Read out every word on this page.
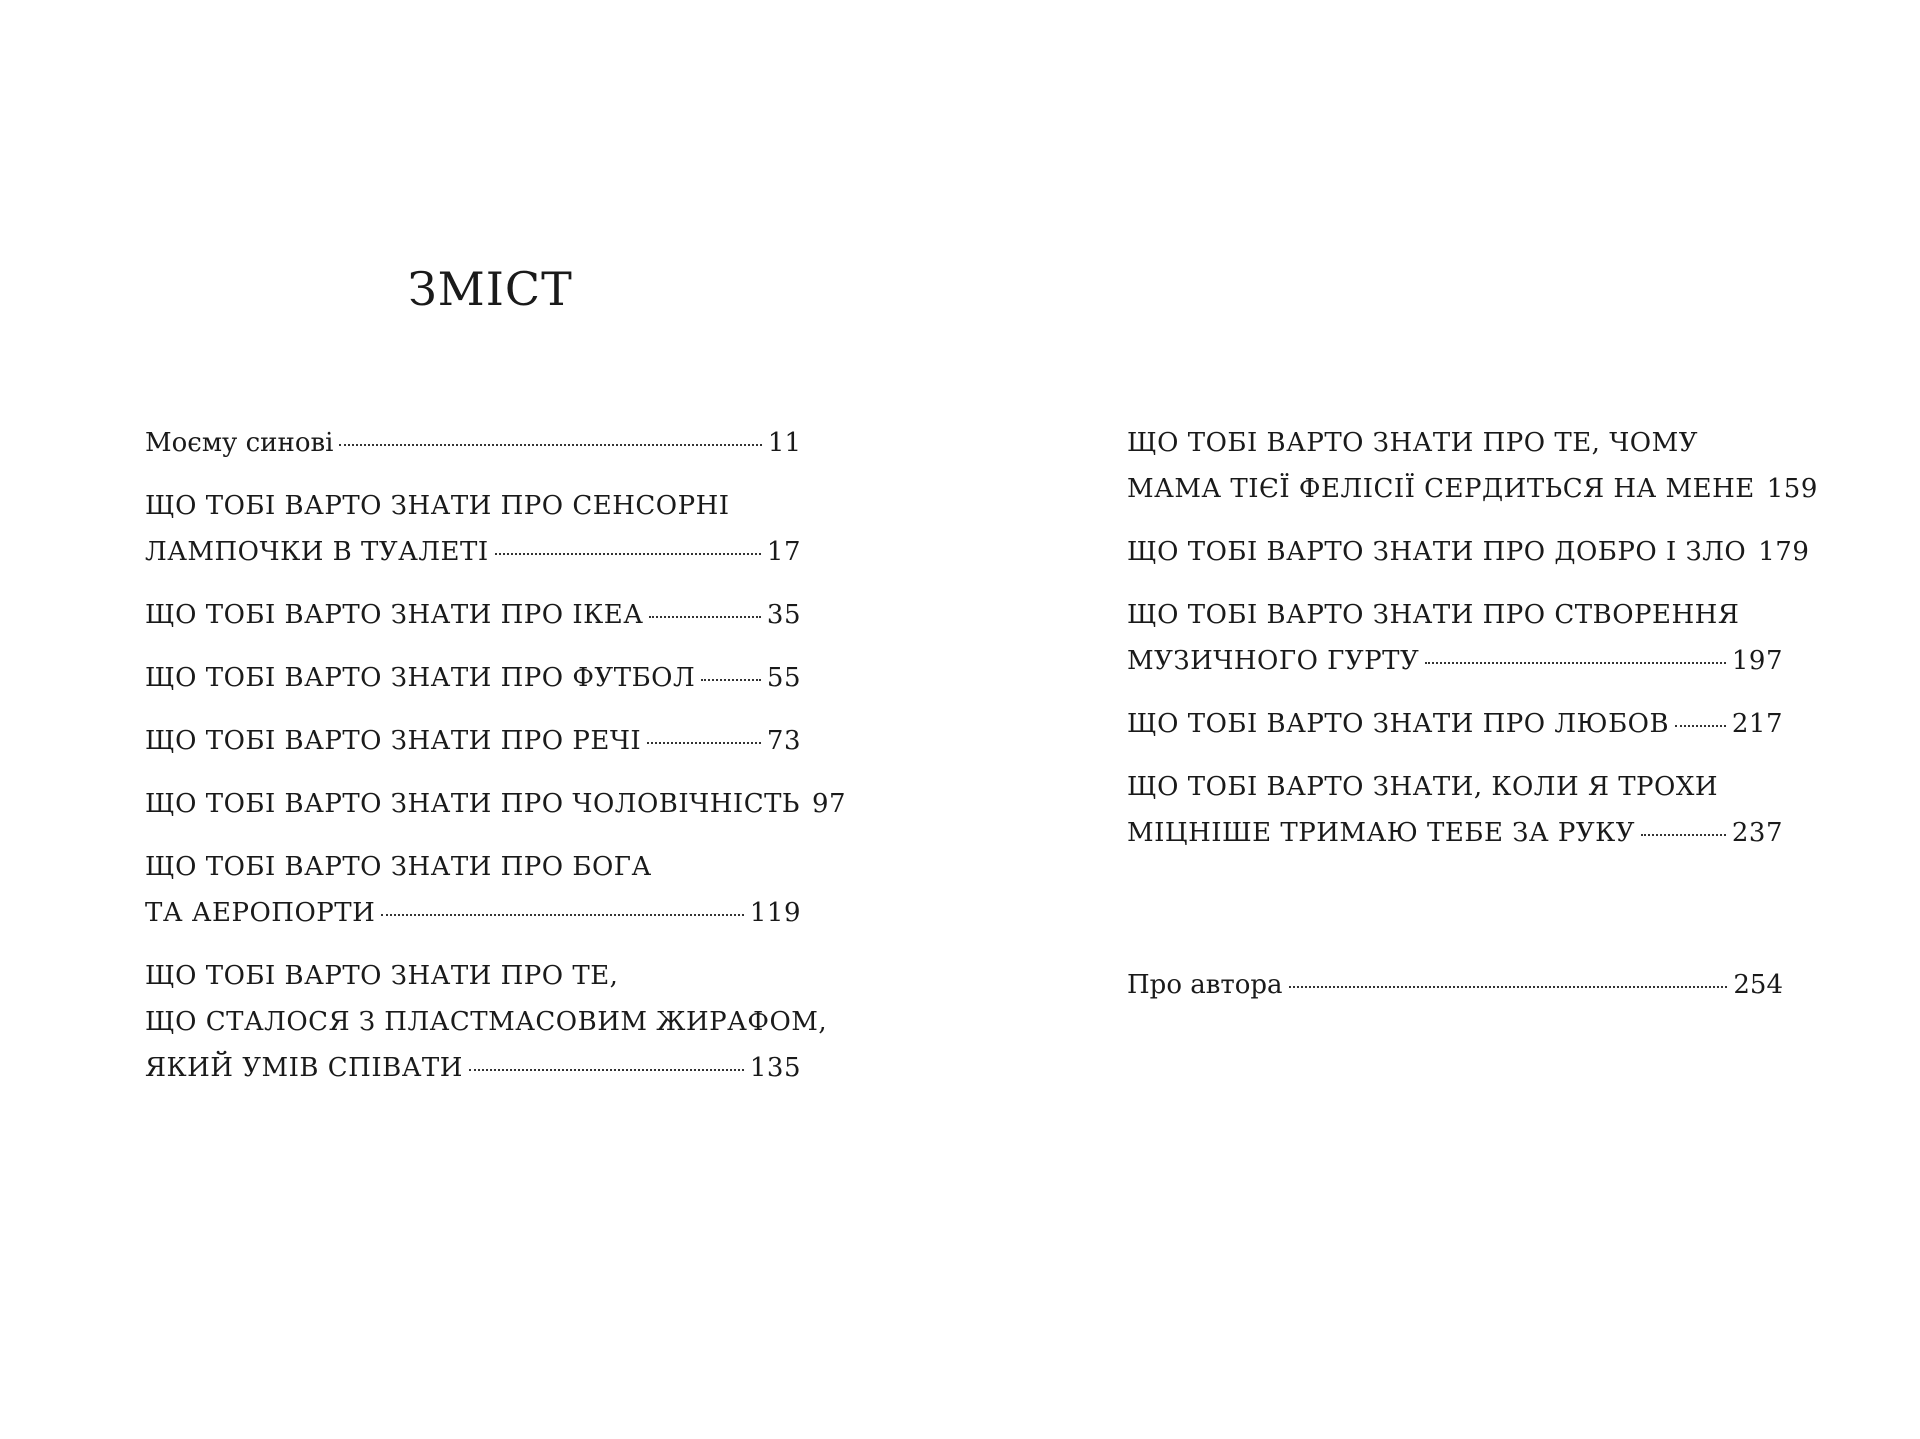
ЗМІСТ
Моєму синові	11
ЩО ТОБІ ВАРТО ЗНАТИ ПРО СЕНСОРНІ
ЛАМПОЧКИ В ТУАЛЕТІ	17
ЩО ТОБІ ВАРТО ЗНАТИ ПРО ІКЕА	35
ЩО ТОБІ ВАРТО ЗНАТИ ПРО ФУТБОЛ	55
ЩО ТОБІ ВАРТО ЗНАТИ ПРО РЕЧІ	73
ЩО ТОБІ ВАРТО ЗНАТИ ПРО ЧОЛОВІЧНІСТЬ 97
ЩО ТОБІ ВАРТО ЗНАТИ ПРО БОГА
ТА АЕРОПОРТИ	119
ЩО ТОБІ ВАРТО ЗНАТИ ПРО ТЕ,
ЩО СТАЛОСЯ З ПЛАСТМАСОВИМ ЖИРАФОМ,
ЯКИЙ УМІВ СПІВАТИ	135
ЩО ТОБІ ВАРТО ЗНАТИ ПРО ТЕ, ЧОМУ
МАМА ТІЄЇ ФЕЛІСІЇ СЕРДИТЬСЯ НА МЕНЕ 159
ЩО ТОБІ ВАРТО ЗНАТИ ПРО ДОБРО І ЗЛО 179
ЩО ТОБІ ВАРТО ЗНАТИ ПРО СТВОРЕННЯ
МУЗИЧНОГО ГУРТУ	197
ЩО ТОБІ ВАРТО ЗНАТИ ПРО ЛЮБОВ 217
ЩО ТОБІ ВАРТО ЗНАТИ, КОЛИ Я ТРОХИ
МІЦНІШЕ ТРИМАЮ ТЕБЕ ЗА РУКУ	237
Про автора	254
